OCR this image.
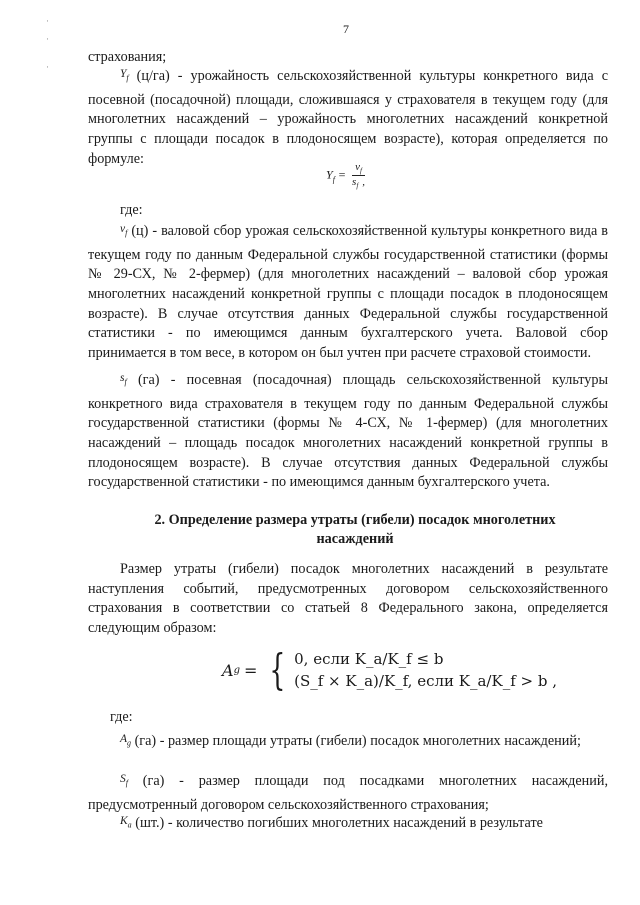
·
·
·
7

страхования;

$^{Y_f}$ (ц/га) - урожайность сельскохозяйственной культуры конкретного вида с посевной (посадочной) площади, сложившаяся у страхователя в текущем году (для многолетних насаждений – урожайность многолетних насаждений конкретной группы с площади посадок в плодоносящем возрасте), которая определяется по формуле:

$Y_f = \frac{v_f}{s_f ,}$

где:

$^{v_f}$ (ц) - валовой сбор урожая сельскохозяйственной культуры конкретного вида в текущем году по данным Федеральной службы государственной статистики (формы № 29-СХ, № 2-фермер) (для многолетних насаждений – валовой сбор урожая многолетних насаждений конкретной группы с площади посадок в плодоносящем возрасте). В случае отсутствия данных Федеральной службы государственной статистики - по имеющимся данным бухгалтерского учета. Валовой сбор принимается в том весе, в котором он был учтен при расчете страховой стоимости.

$^{s_f}$ (га) - посевная (посадочная) площадь сельскохозяйственной культуры конкретного вида страхователя в текущем году по данным Федеральной службы государственной статистики (формы № 4-СХ, № 1-фермер) (для многолетних насаждений – площадь посадок многолетних насаждений конкретной группы в плодоносящем возрасте). В случае отсутствия данных Федеральной службы государственной статистики - по имеющимся данным бухгалтерского учета.

2. Определение размера утраты (гибели) посадок многолетних насаждений

Размер утраты (гибели) посадок многолетних насаждений в результате наступления событий, предусмотренных договором сельскохозяйственного страхования в соответствии со статьей 8 Федерального закона, определяется следующим образом:

A g = { 0, если K_a/K_f ≤ b
(S_f × K_a)/K_f, если K_a/K_f > b ,

где:

$^{A_g}$ (га) - размер площади утраты (гибели) посадок многолетних насаждений;

$^{S_f}$ (га) - размер площади под посадками многолетних насаждений, предусмотренный договором сельскохозяйственного страхования;

$^{K_a}$ (шт.) - количество погибших многолетних насаждений в результате
